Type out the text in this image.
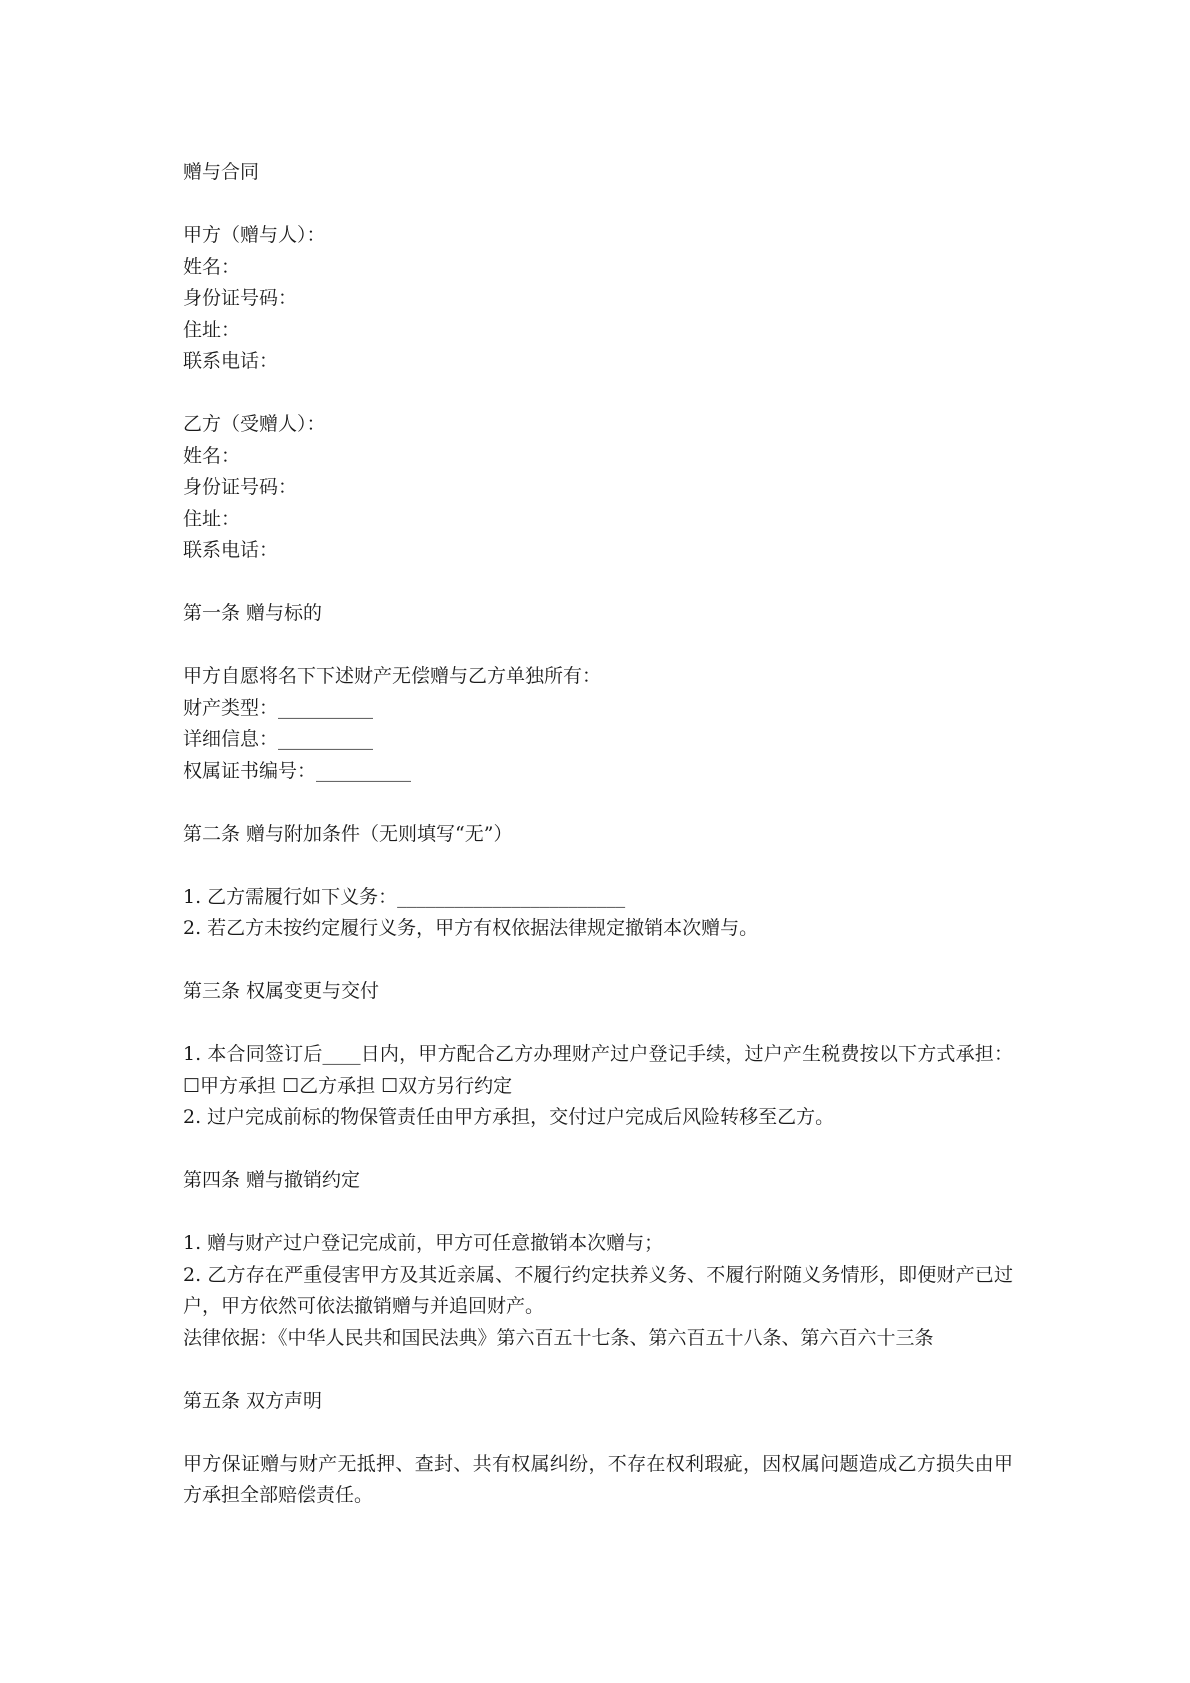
赠与合同
甲方（赠与人）：
姓名：
身份证号码：
住址：
联系电话：
乙方（受赠人）：
姓名：
身份证号码：
住址：
联系电话：
第一条 赠与标的
甲方自愿将名下下述财产无偿赠与乙方单独所有：
财产类型：__________
详细信息：__________
权属证书编号：__________
第二条 赠与附加条件（无则填写“无”）
1. 乙方需履行如下义务：________________________
2. 若乙方未按约定履行义务，甲方有权依据法律规定撤销本次赠与。
第三条 权属变更与交付
1. 本合同签订后____日内，甲方配合乙方办理财产过户登记手续，过户产生税费按以下方式承担：☐甲方承担 ☐乙方承担 ☐双方另行约定
2. 过户完成前标的物保管责任由甲方承担，交付过户完成后风险转移至乙方。
第四条 赠与撤销约定
1. 赠与财产过户登记完成前，甲方可任意撤销本次赠与；
2. 乙方存在严重侵害甲方及其近亲属、不履行约定扶养义务、不履行附随义务情形，即便财产已过户，甲方依然可依法撤销赠与并追回财产。
法律依据：《中华人民共和国民法典》第六百五十七条、第六百五十八条、第六百六十三条
第五条 双方声明
甲方保证赠与财产无抵押、查封、共有权属纠纷，不存在权利瑕疵，因权属问题造成乙方损失由甲方承担全部赔偿责任。
